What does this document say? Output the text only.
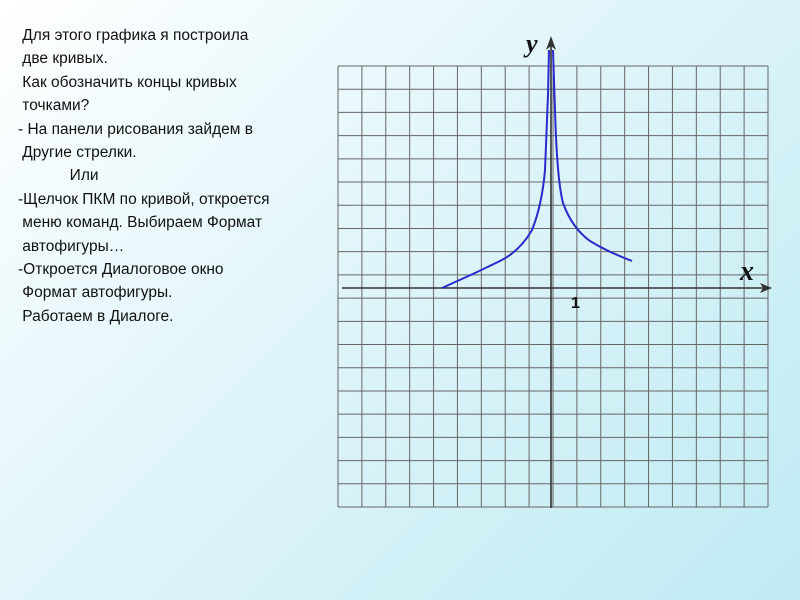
Для этого графика я построила
две кривых.
Как обозначить концы кривых
точками?
- На панели рисования зайдем в
Другие стрелки.
Или
-Щелчок ПКМ по кривой, откроется
меню команд. Выбираем Формат
автофигуры…
-Откроется Диалоговое окно
Формат автофигуры.
Работаем в Диалоге.
y
x
1
